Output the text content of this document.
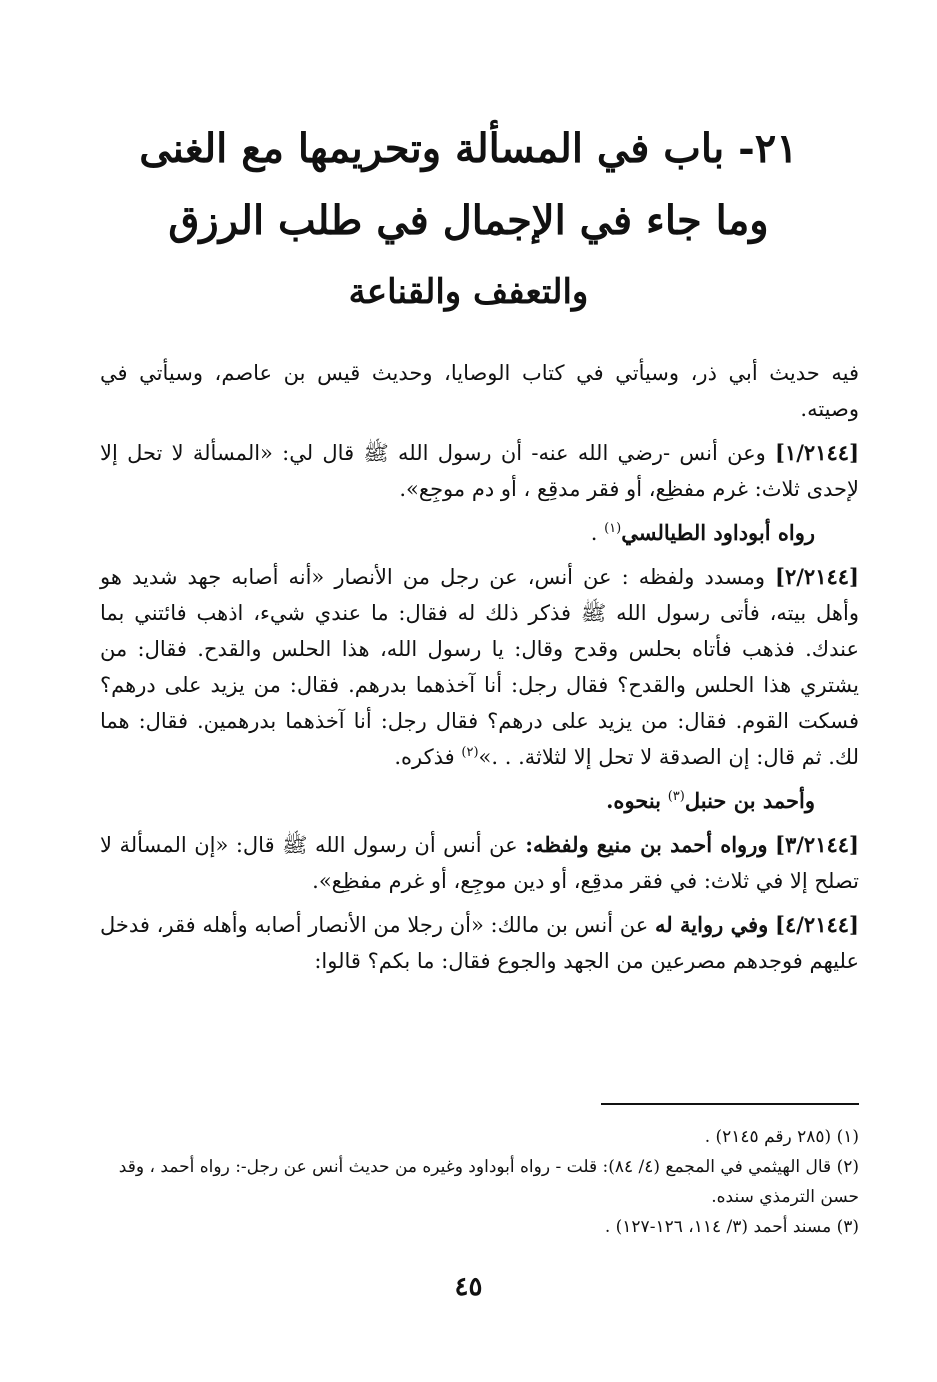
٢١- باب في المسألة وتحريمها مع الغنى
وما جاء في الإجمال في طلب الرزق
والتعفف والقناعة

فيه حديث أبي ذر، وسيأتي في كتاب الوصايا، وحديث قيس بن عاصم، وسيأتي في وصيته.

[١/٢١٤٤] وعن أنس -رضي الله عنه- أن رسول الله ﷺ قال لي: «المسألة لا تحل إلا لإحدى ثلاث: غرم مفظِع، أو فقر مدقِع ، أو دم موجِع».

رواه أبوداود الطيالسي$^{(١)}$ .

[٢/٢١٤٤] ومسدد ولفظه : عن أنس، عن رجل من الأنصار «أنه أصابه جهد شديد هو وأهل بيته، فأتى رسول الله ﷺ فذكر ذلك له فقال: ما عندي شيء، اذهب فائتني بما عندك. فذهب فأتاه بحلس وقدح وقال: يا رسول الله، هذا الحلس والقدح. فقال: من يشتري هذا الحلس والقدح؟ فقال رجل: أنا آخذهما بدرهم. فقال: من يزيد على درهم؟ فسكت القوم. فقال: من يزيد على درهم؟ فقال رجل: أنا آخذهما بدرهمين. فقال: هما لك. ثم قال: إن الصدقة لا تحل إلا لثلاثة. . .»$^{(٢)}$ فذكره.

وأحمد بن حنبل$^{(٣)}$ بنحوه.

[٣/٢١٤٤] ورواه أحمد بن منيع ولفظه: عن أنس أن رسول الله ﷺ قال: «إن المسألة لا تصلح إلا في ثلاث: في فقر مدقِع، أو دين موجِع، أو غرم مفظِع».

[٤/٢١٤٤] وفي رواية له عن أنس بن مالك: «أن رجلا من الأنصار أصابه وأهله فقر، فدخل عليهم فوجدهم مصرعين من الجهد والجوع فقال: ما بكم؟ قالوا:

(١) (٢٨٥ رقم ٢١٤٥) .

(٢) قال الهيثمي في المجمع (٤/ ٨٤): قلت - رواه أبوداود وغيره من حديث أنس عن رجل-: رواه أحمد ، وقد حسن الترمذي سنده.

(٣) مسند أحمد (٣/ ١١٤، ١٢٦-١٢٧) .

٤٥
